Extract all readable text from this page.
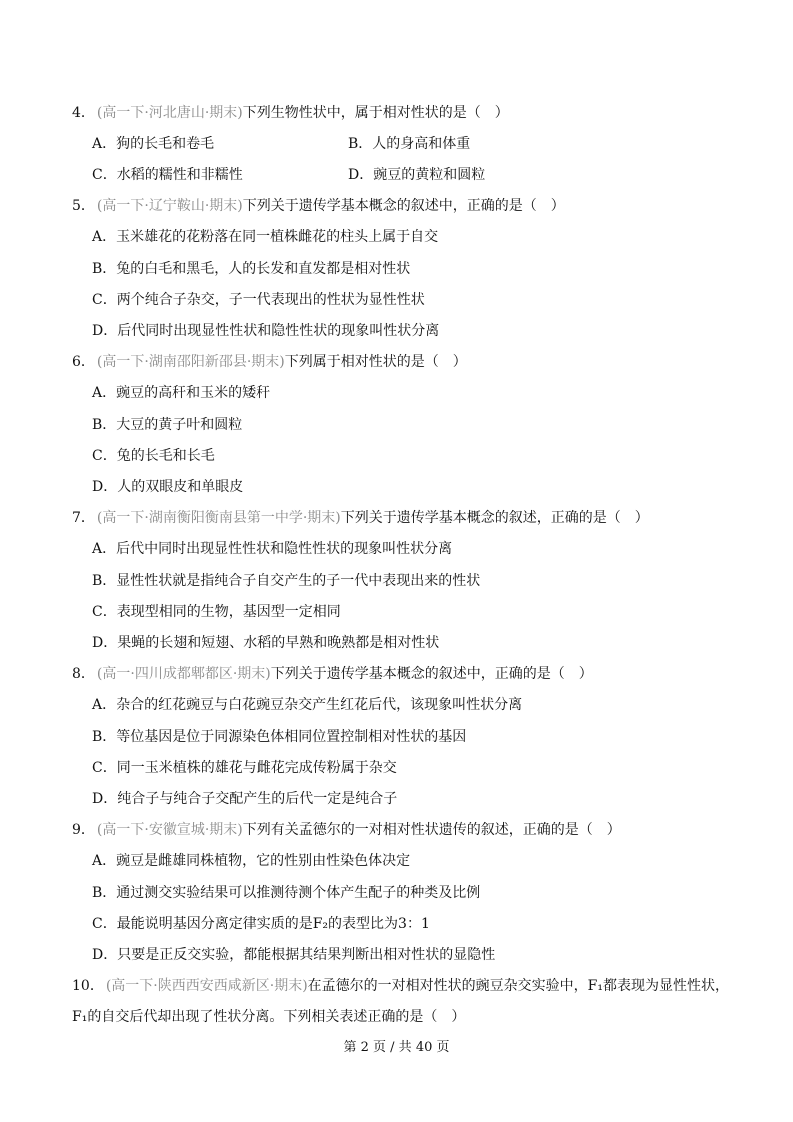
4． (高一下·河北唐山·期末)下列生物性状中，属于相对性状的是（　）
A．狗的长毛和卷毛	B．人的身高和体重
C．水稻的糯性和非糯性	D．豌豆的黄粒和圆粒
5． (高一下·辽宁鞍山·期末)下列关于遗传学基本概念的叙述中，正确的是（　）
A．玉米雄花的花粉落在同一植株雌花的柱头上属于自交
B．兔的白毛和黑毛，人的长发和直发都是相对性状
C．两个纯合子杂交，子一代表现出的性状为显性性状
D．后代同时出现显性性状和隐性性状的现象叫性状分离
6． (高一下·湖南邵阳新邵县·期末)下列属于相对性状的是（　）
A．豌豆的高秆和玉米的矮秆
B．大豆的黄子叶和圆粒
C．兔的长毛和长毛
D．人的双眼皮和单眼皮
7． (高一下·湖南衡阳衡南县第一中学·期末)下列关于遗传学基本概念的叙述，正确的是（　）
A．后代中同时出现显性性状和隐性性状的现象叫性状分离
B．显性性状就是指纯合子自交产生的子一代中表现出来的性状
C．表现型相同的生物，基因型一定相同
D．果蝇的长翅和短翅、水稻的早熟和晚熟都是相对性状
8． (高一·四川成都郫都区·期末)下列关于遗传学基本概念的叙述中，正确的是（　）
A．杂合的红花豌豆与白花豌豆杂交产生红花后代，该现象叫性状分离
B．等位基因是位于同源染色体相同位置控制相对性状的基因
C．同一玉米植株的雄花与雌花完成传粉属于杂交
D．纯合子与纯合子交配产生的后代一定是纯合子
9． (高一下·安徽宣城·期末)下列有关孟德尔的一对相对性状遗传的叙述，正确的是（　）
A．豌豆是雌雄同株植物，它的性别由性染色体决定
B．通过测交实验结果可以推测待测个体产生配子的种类及比例
C．最能说明基因分离定律实质的是F₂的表型比为3：1
D．只要是正反交实验，都能根据其结果判断出相对性状的显隐性
10． (高一下·陕西西安西咸新区·期末)在孟德尔的一对相对性状的豌豆杂交实验中，F₁都表现为显性性状，
F₁的自交后代却出现了性状分离。下列相关表述正确的是（　）
第 2 页 / 共 40 页
